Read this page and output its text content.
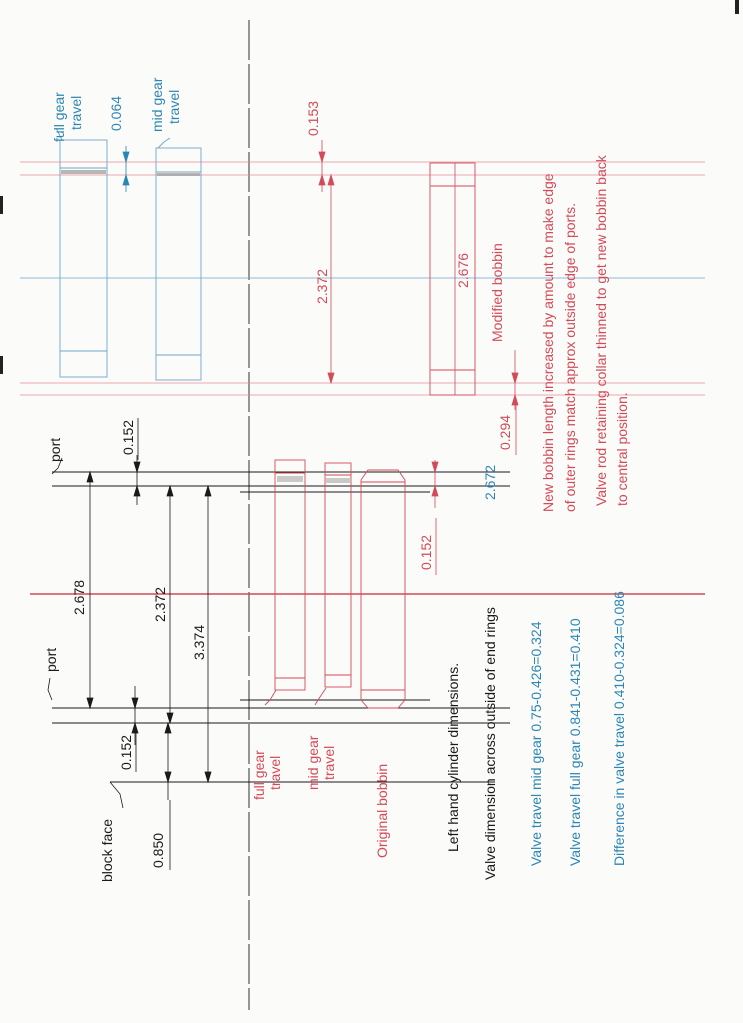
block face
port
port
0.850
0.152
0.152
2.678	2.372
3.374
full gear travel mid gear travel
Original bobbin
0.152
full gear travel	mid gear travel
0.064	0.153
2.372	2.676 Modified bobbin
0.294
Left hand cylinder dimensions. Valve dimension across outside of end rings
2.672
Valve travel mid gear 0.75-0.426=0.324 Valve travel full gear 0.841-0.431=0.410 Difference in valve travel 0.410-0.324=0.086
New bobbin length increased by amount to make edge of outer rings match approx outside edge of ports. Valve rod retaining collar thinned to get new bobbin back to central position.
